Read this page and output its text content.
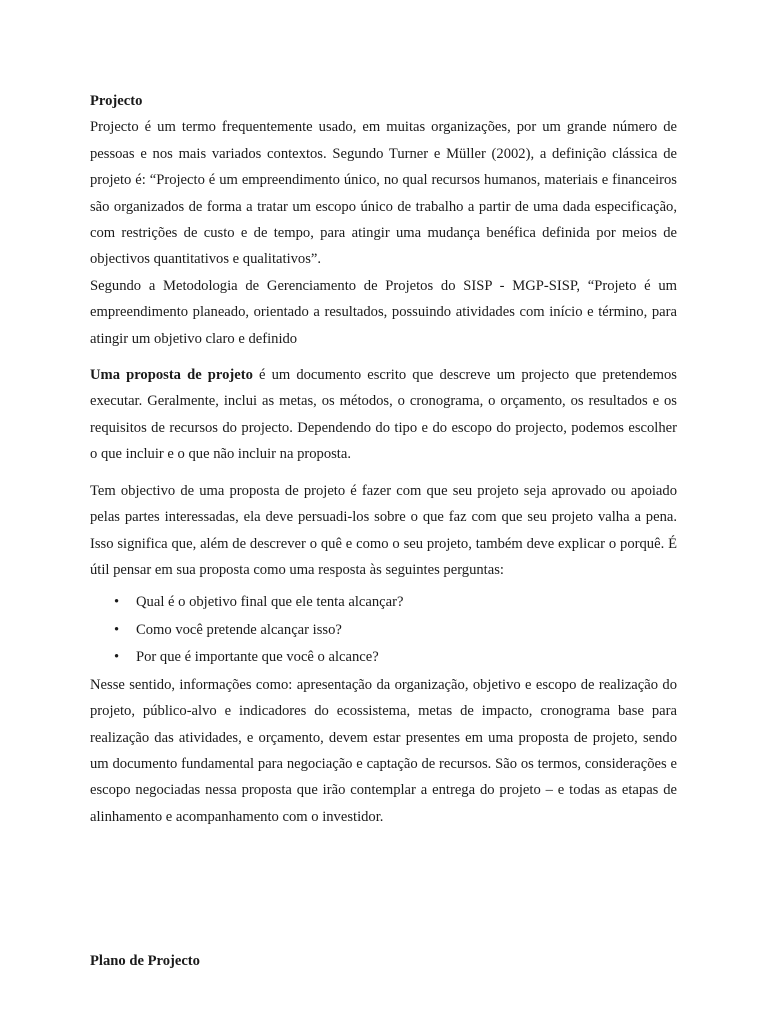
Projecto

Projecto é um termo frequentemente usado, em muitas organizações, por um grande número de pessoas e nos mais variados contextos. Segundo Turner e Müller (2002), a definição clássica de projeto é: “Projecto é um empreendimento único, no qual recursos humanos, materiais e financeiros são organizados de forma a tratar um escopo único de trabalho a partir de uma dada especificação, com restrições de custo e de tempo, para atingir uma mudança benéfica definida por meios de objectivos quantitativos e qualitativos”.

Segundo a Metodologia de Gerenciamento de Projetos do SISP - MGP-SISP, “Projeto é um empreendimento planeado, orientado a resultados, possuindo atividades com início e término, para atingir um objetivo claro e definido

Uma proposta de projeto é um documento escrito que descreve um projecto que pretendemos executar. Geralmente, inclui as metas, os métodos, o cronograma, o orçamento, os resultados e os requisitos de recursos do projecto. Dependendo do tipo e do escopo do projecto, podemos escolher o que incluir e o que não incluir na proposta.

Tem objectivo de uma proposta de projeto é fazer com que seu projeto seja aprovado ou apoiado pelas partes interessadas, ela deve persuadi-los sobre o que faz com que seu projeto valha a pena. Isso significa que, além de descrever o quê e como o seu projeto, também deve explicar o porquê. É útil pensar em sua proposta como uma resposta às seguintes perguntas:

• Qual é o objetivo final que ele tenta alcançar?
• Como você pretende alcançar isso?
• Por que é importante que você o alcance?

Nesse sentido, informações como: apresentação da organização, objetivo e escopo de realização do projeto, público-alvo e indicadores do ecossistema, metas de impacto, cronograma base para realização das atividades, e orçamento, devem estar presentes em uma proposta de projeto, sendo um documento fundamental para negociação e captação de recursos. São os termos, considerações e escopo negociadas nessa proposta que irão contemplar a entrega do projeto – e todas as etapas de alinhamento e acompanhamento com o investidor.

Plano de Projecto
